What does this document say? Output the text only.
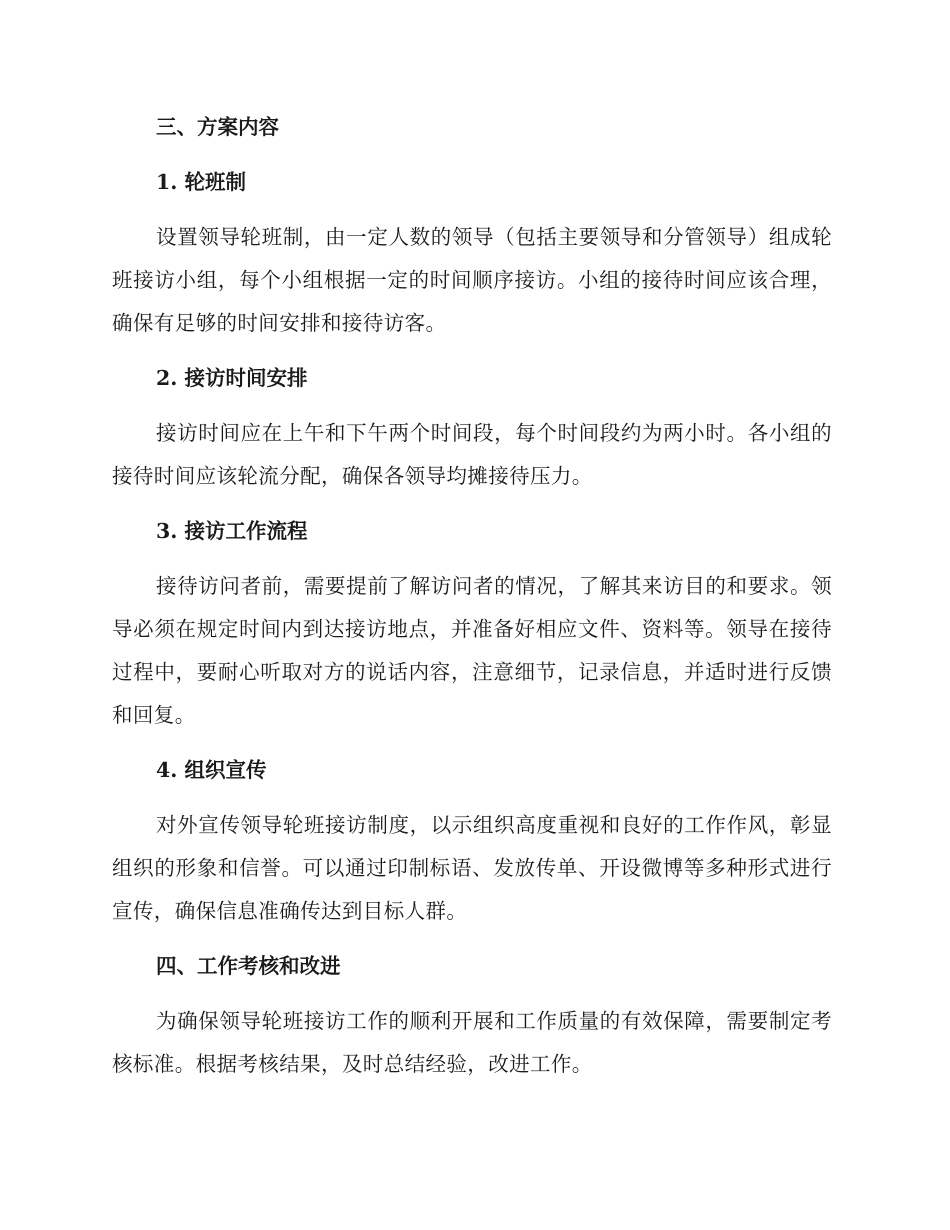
三、方案内容
1. 轮班制

设置领导轮班制，由一定人数的领导（包括主要领导和分管领导）组成轮班接访小组，每个小组根据一定的时间顺序接访。小组的接待时间应该合理，确保有足够的时间安排和接待访客。

2. 接访时间安排

接访时间应在上午和下午两个时间段，每个时间段约为两小时。各小组的接待时间应该轮流分配，确保各领导均摊接待压力。

3. 接访工作流程

接待访问者前，需要提前了解访问者的情况，了解其来访目的和要求。领导必须在规定时间内到达接访地点，并准备好相应文件、资料等。领导在接待过程中，要耐心听取对方的说话内容，注意细节，记录信息，并适时进行反馈和回复。

4. 组织宣传

对外宣传领导轮班接访制度，以示组织高度重视和良好的工作作风，彰显组织的形象和信誉。可以通过印制标语、发放传单、开设微博等多种形式进行宣传，确保信息准确传达到目标人群。

四、工作考核和改进

为确保领导轮班接访工作的顺利开展和工作质量的有效保障，需要制定考核标准。根据考核结果，及时总结经验，改进工作。
